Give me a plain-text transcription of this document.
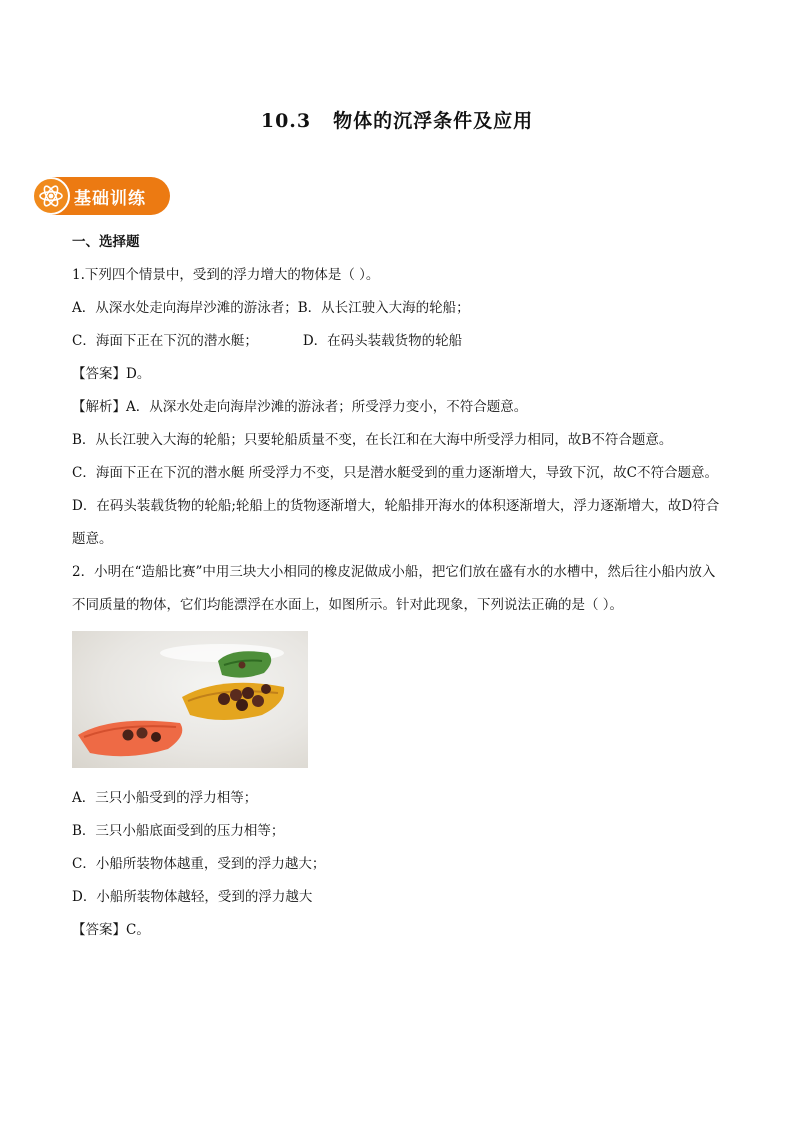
10.3 物体的沉浮条件及应用
基础训练
一、选择题
1.下列四个情景中，受到的浮力增大的物体是（ ）。
A．从深水处走向海岸沙滩的游泳者；B．从长江驶入大海的轮船；
C．海面下正在下沉的潜水艇；	D．在码头装载货物的轮船
【答案】D。
【解析】A．从深水处走向海岸沙滩的游泳者；所受浮力变小，不符合题意。
B．从长江驶入大海的轮船；只要轮船质量不变，在长江和在大海中所受浮力相同，故B不符合题意。
C．海面下正在下沉的潜水艇 所受浮力不变，只是潜水艇受到的重力逐渐增大，导致下沉，故C不符合题意。
D．在码头装载货物的轮船;轮船上的货物逐渐增大，轮船排开海水的体积逐渐增大，浮力逐渐增大，故D符合题意。
2．小明在“造船比赛”中用三块大小相同的橡皮泥做成小船，把它们放在盛有水的水槽中，然后往小船内放入不同质量的物体，它们均能漂浮在水面上，如图所示。针对此现象，下列说法正确的是（ ）。
A．三只小船受到的浮力相等；
B．三只小船底面受到的压力相等；
C．小船所装物体越重，受到的浮力越大；
D．小船所装物体越轻，受到的浮力越大
【答案】C。
